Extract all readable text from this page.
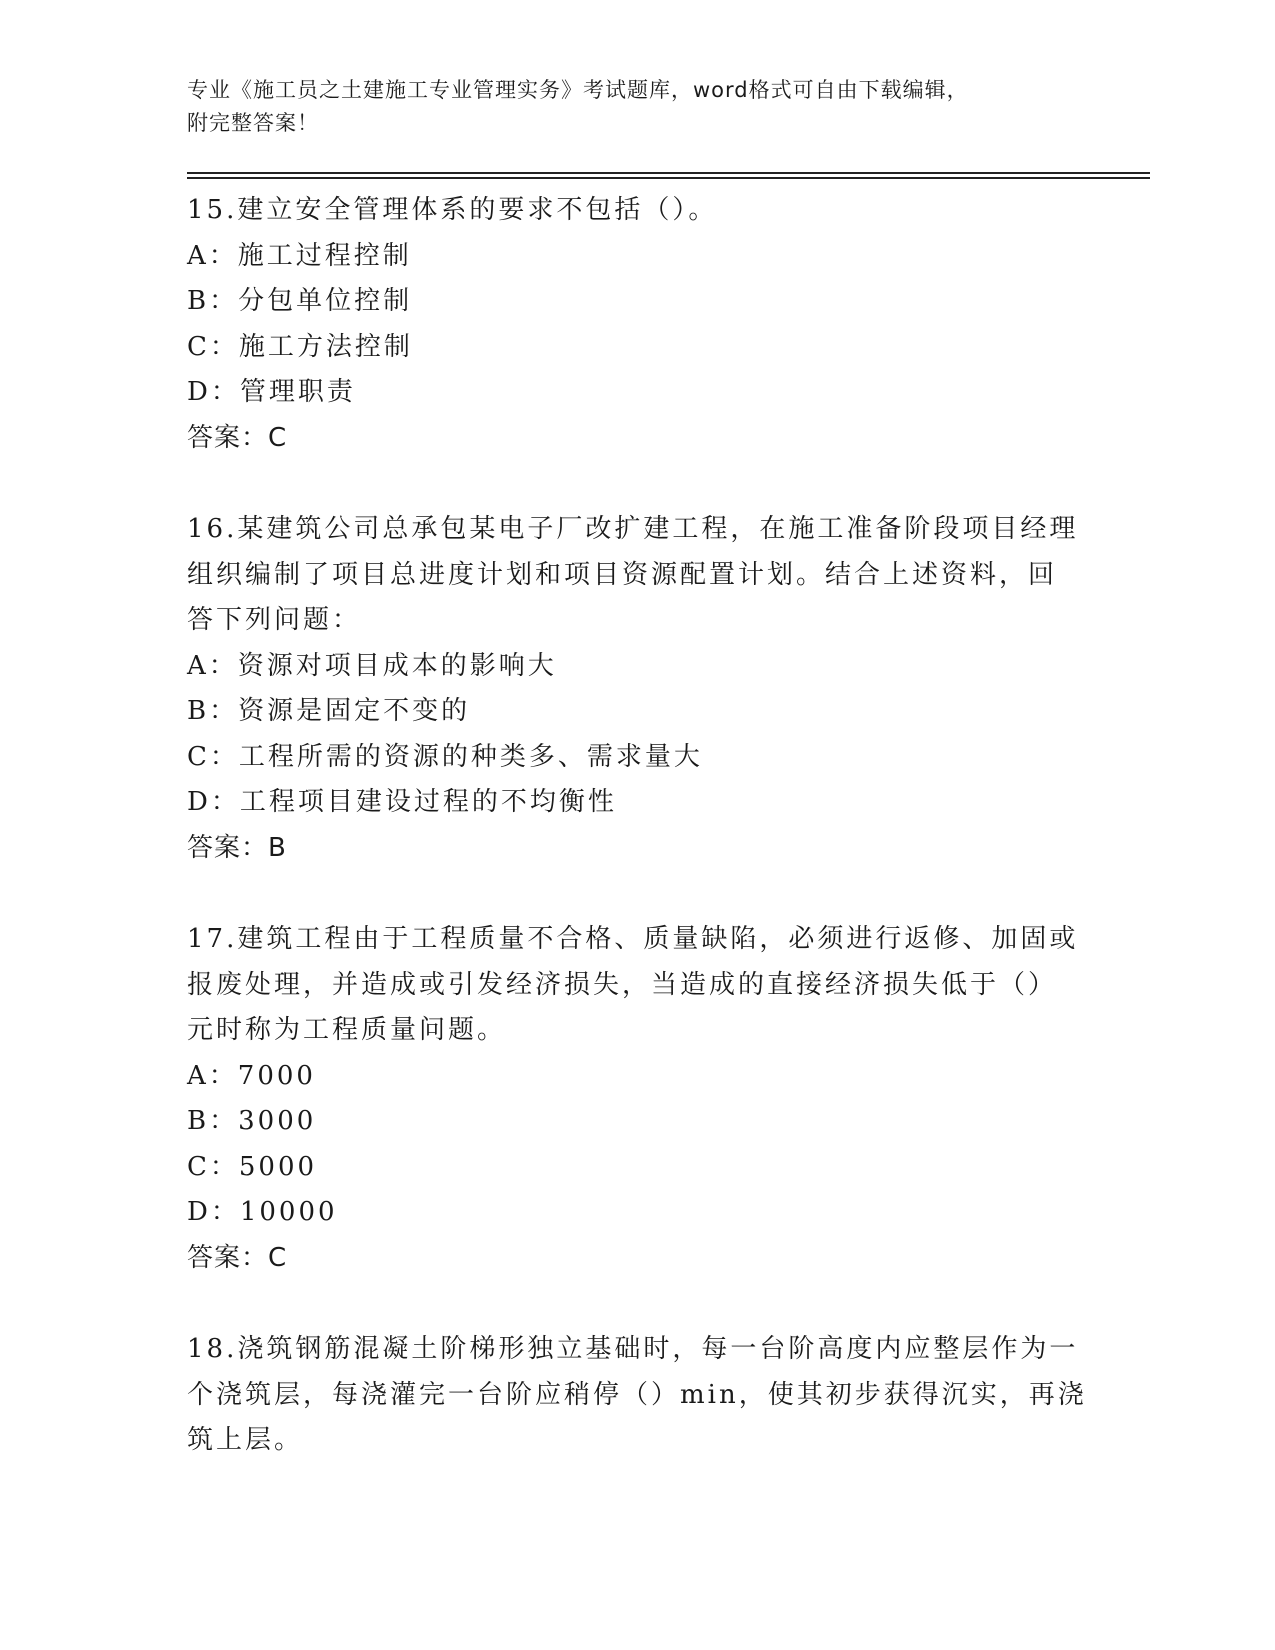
专业《施工员之土建施工专业管理实务》考试题库，word格式可自由下载编辑，
附完整答案！
15.建立安全管理体系的要求不包括（）。
A：施工过程控制
B：分包单位控制
C：施工方法控制
D：管理职责
答案：C
16.某建筑公司总承包某电子厂改扩建工程，在施工准备阶段项目经理
组织编制了项目总进度计划和项目资源配置计划。结合上述资料，回
答下列问题：
A：资源对项目成本的影响大
B：资源是固定不变的
C：工程所需的资源的种类多、需求量大
D：工程项目建设过程的不均衡性
答案：B
17.建筑工程由于工程质量不合格、质量缺陷，必须进行返修、加固或
报废处理，并造成或引发经济损失，当造成的直接经济损失低于（）
元时称为工程质量问题。
A：7000
B：3000
C：5000
D：10000
答案：C
18.浇筑钢筋混凝土阶梯形独立基础时，每一台阶高度内应整层作为一
个浇筑层，每浇灌完一台阶应稍停（）min，使其初步获得沉实，再浇
筑上层。
